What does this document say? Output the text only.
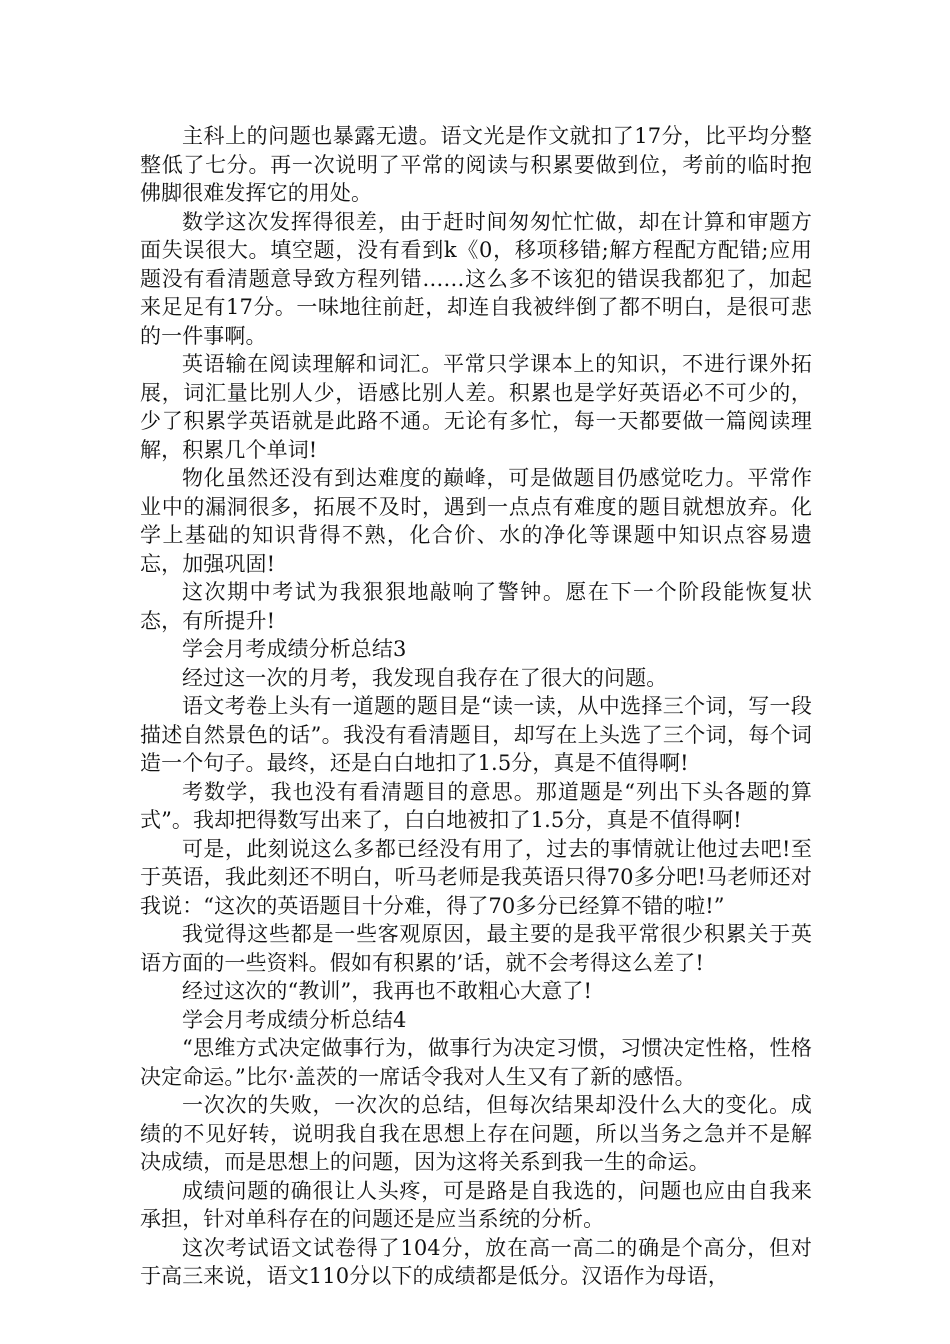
主科上的问题也暴露无遗。语文光是作文就扣了17分，比平均分整整低了七分。再一次说明了平常的阅读与积累要做到位，考前的临时抱佛脚很难发挥它的用处。

数学这次发挥得很差，由于赶时间匆匆忙忙做，却在计算和审题方面失误很大。填空题，没有看到k《0，移项移错;解方程配方配错;应用题没有看清题意导致方程列错……这么多不该犯的错误我都犯了，加起来足足有17分。一味地往前赶，却连自我被绊倒了都不明白，是很可悲的一件事啊。

英语输在阅读理解和词汇。平常只学课本上的知识，不进行课外拓展，词汇量比别人少，语感比别人差。积累也是学好英语必不可少的，少了积累学英语就是此路不通。无论有多忙，每一天都要做一篇阅读理解，积累几个单词!

物化虽然还没有到达难度的巅峰，可是做题目仍感觉吃力。平常作业中的漏洞很多，拓展不及时，遇到一点点有难度的题目就想放弃。化学上基础的知识背得不熟，化合价、水的净化等课题中知识点容易遗忘，加强巩固!

这次期中考试为我狠狠地敲响了警钟。愿在下一个阶段能恢复状态，有所提升!

学会月考成绩分析总结3

经过这一次的月考，我发现自我存在了很大的问题。

语文考卷上头有一道题的题目是“读一读，从中选择三个词，写一段描述自然景色的话”。我没有看清题目，却写在上头选了三个词，每个词造一个句子。最终，还是白白地扣了1.5分，真是不值得啊!

考数学，我也没有看清题目的意思。那道题是“列出下头各题的算式”。我却把得数写出来了，白白地被扣了1.5分，真是不值得啊!

可是，此刻说这么多都已经没有用了，过去的事情就让他过去吧!至于英语，我此刻还不明白，听马老师是我英语只得70多分吧!马老师还对我说：“这次的英语题目十分难，得了70多分已经算不错的啦!”

我觉得这些都是一些客观原因，最主要的是我平常很少积累关于英语方面的一些资料。假如有积累的’话，就不会考得这么差了!

经过这次的“教训”，我再也不敢粗心大意了!

学会月考成绩分析总结4

“思维方式决定做事行为，做事行为决定习惯，习惯决定性格，性格决定命运。”比尔·盖茨的一席话令我对人生又有了新的感悟。

一次次的失败，一次次的总结，但每次结果却没什么大的变化。成绩的不见好转，说明我自我在思想上存在问题，所以当务之急并不是解决成绩，而是思想上的问题，因为这将关系到我一生的命运。

成绩问题的确很让人头疼，可是路是自我选的，问题也应由自我来承担，针对单科存在的问题还是应当系统的分析。

这次考试语文试卷得了104分，放在高一高二的确是个高分，但对于高三来说，语文110分以下的成绩都是低分。汉语作为母语，
